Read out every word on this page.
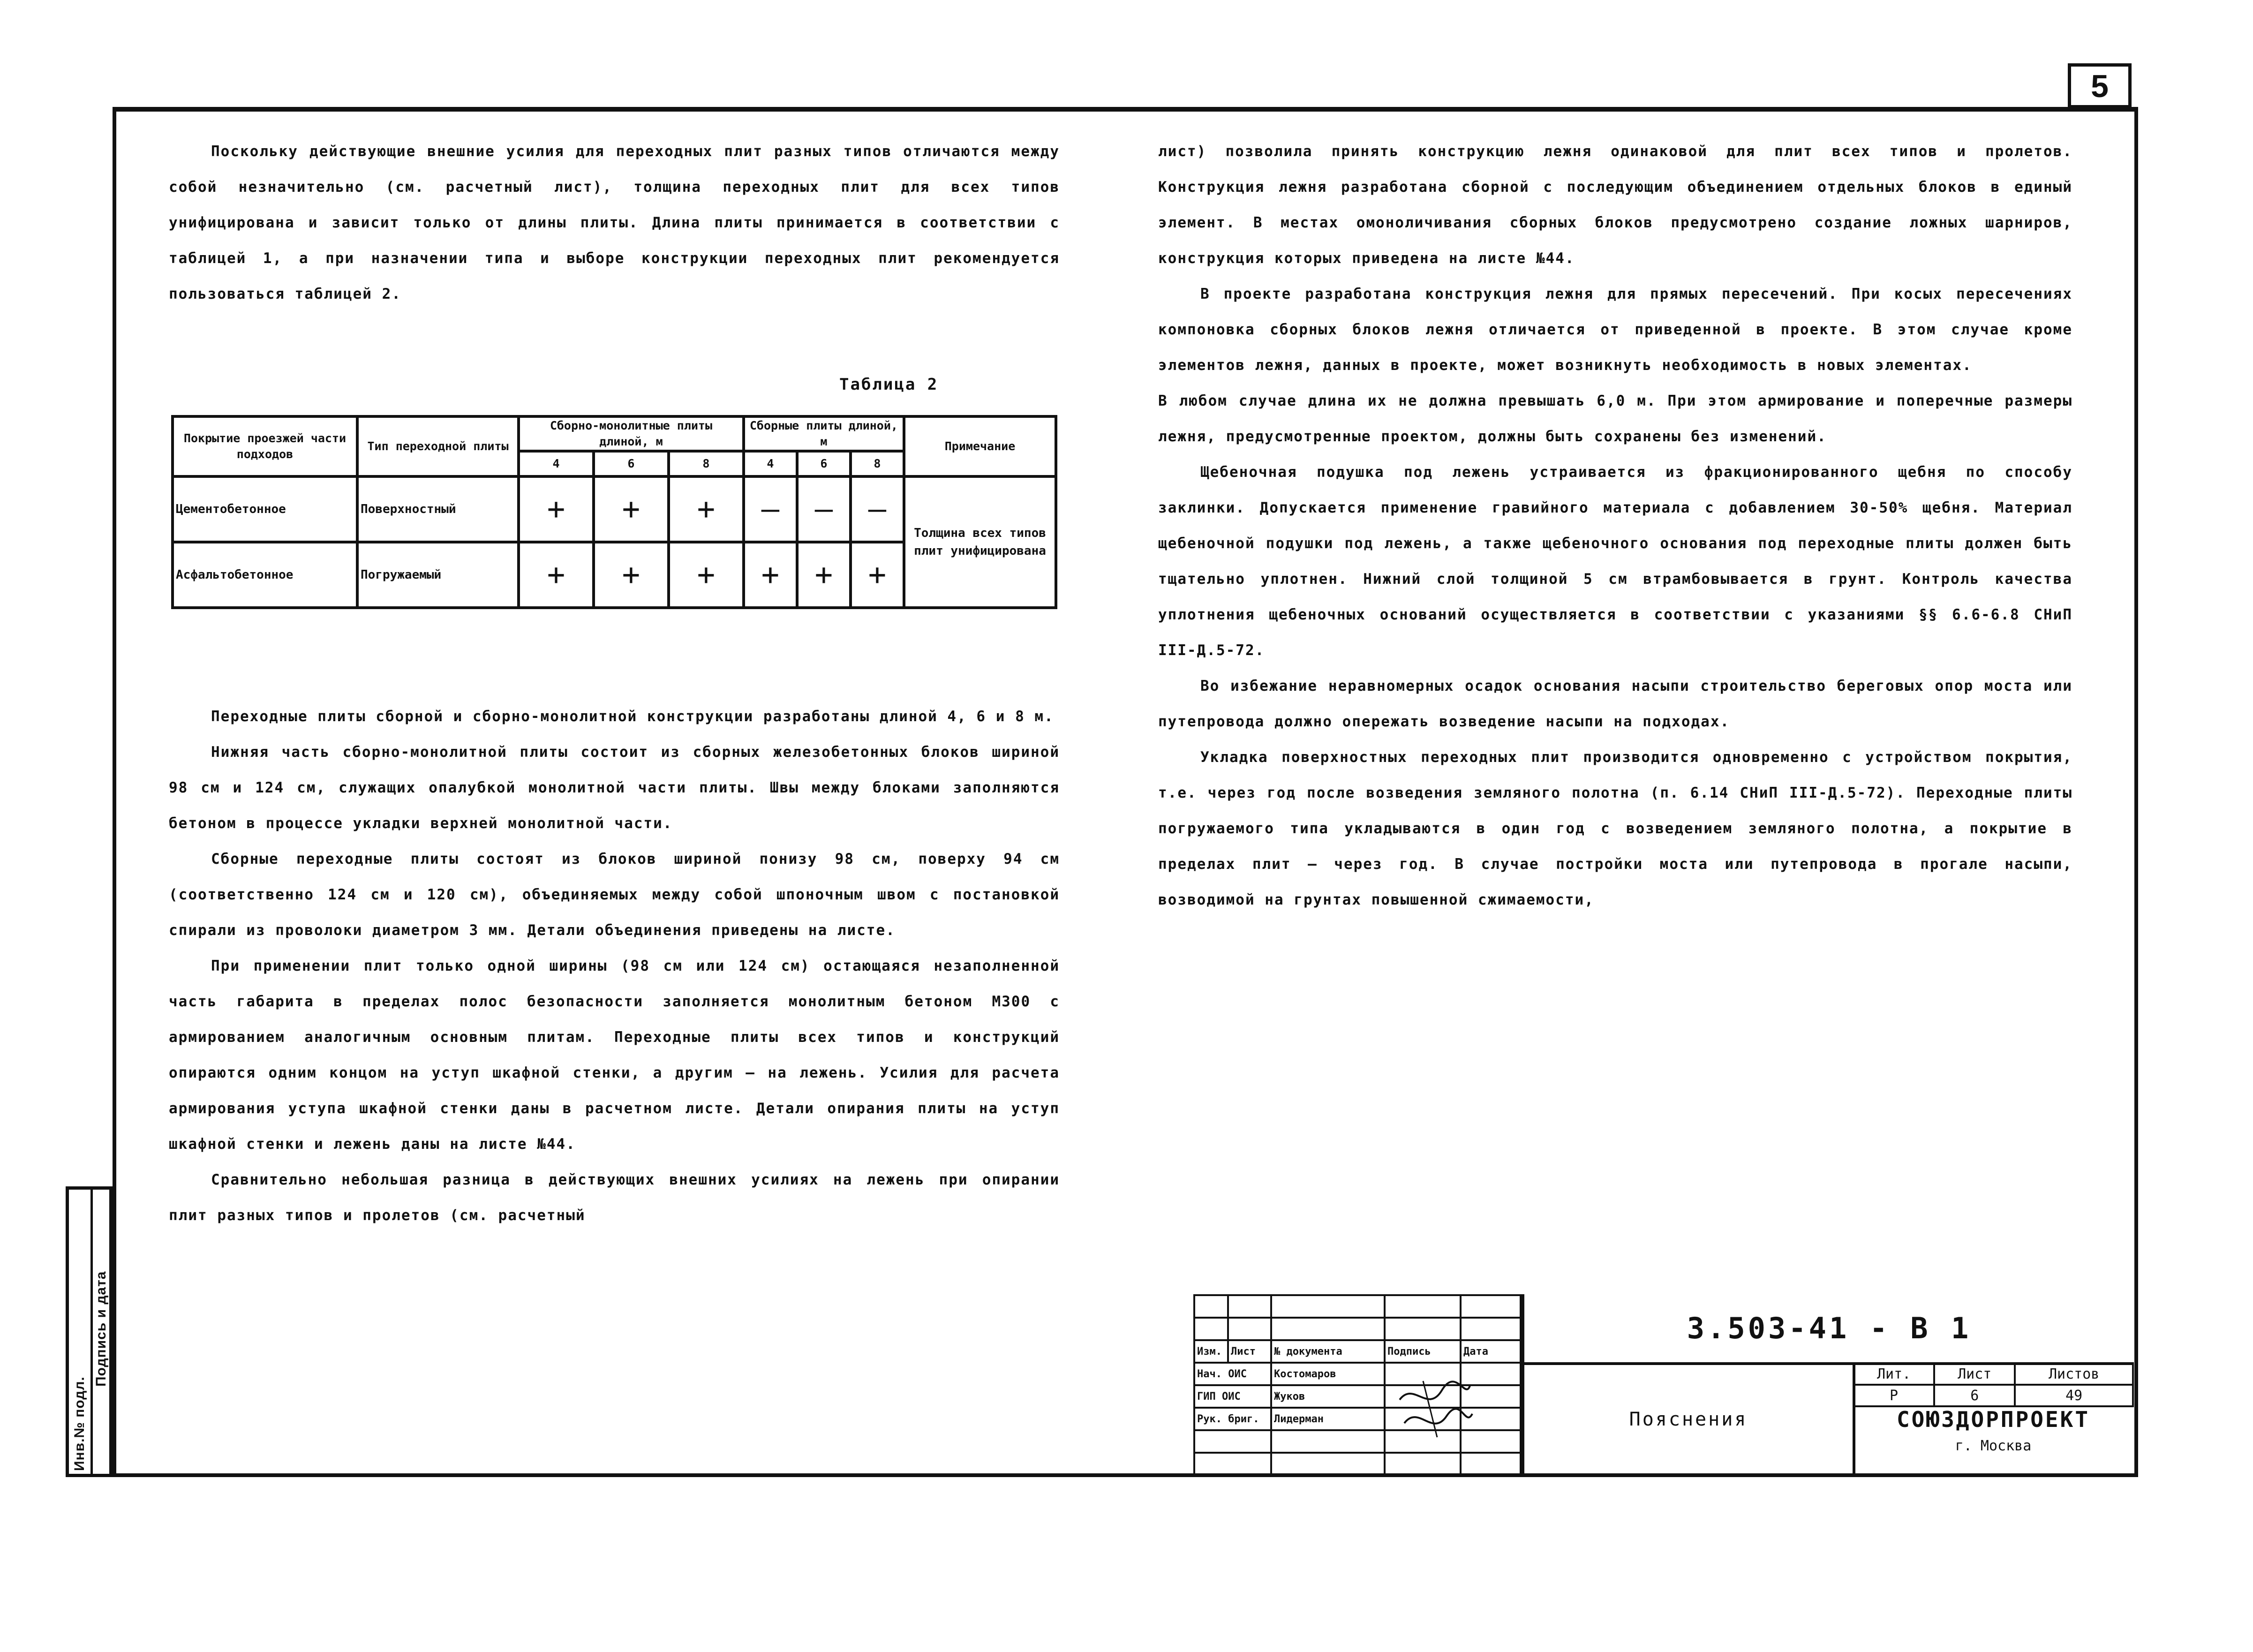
5
Инв.№ подл.
Подпись и дата

Поскольку действующие внешние усилия для переходных плит разных типов отличаются между собой незначительно (см. расчетный лист), толщина переходных плит для всех типов унифицирована и зависит только от длины плиты. Длина плиты принимается в соответствии с таблицей 1, а при назначении типа и выборе конструкции переходных плит рекомендуется пользоваться таблицей 2.

Таблица 2
Покрытие проезжей части подходов	Тип переходной плиты	Сборно-монолитные плиты длиной, м			Сборные плиты длиной, м			Примечание
		4	6	8	4	6	8	
Цементобетонное	Поверхностный	+	+	+	—	—	—	Толщина всех типов плит унифицирована
Асфальтобетонное	Погружаемый	+	+	+	+	+	+	

Переходные плиты сборной и сборно-монолитной конструкции разработаны длиной 4, 6 и 8 м.

Нижняя часть сборно-монолитной плиты состоит из сборных железобетонных блоков шириной 98 см и 124 см, служащих опалубкой монолитной части плиты. Швы между блоками заполняются бетоном в процессе укладки верхней монолитной части.

Сборные переходные плиты состоят из блоков шириной понизу 98 см, поверху 94 см (соответственно 124 см и 120 см), объединяемых между собой шпоночным швом с постановкой спирали из проволоки диаметром 3 мм. Детали объединения приведены на листе.

При применении плит только одной ширины (98 см или 124 см) остающаяся незаполненной часть габарита в пределах полос безопасности заполняется монолитным бетоном М300 с армированием аналогичным основным плитам. Переходные плиты всех типов и конструкций опираются одним концом на уступ шкафной стенки, а другим — на лежень. Усилия для расчета армирования уступа шкафной стенки даны в расчетном листе. Детали опирания плиты на уступ шкафной стенки и лежень даны на листе №44.

Сравнительно небольшая разница в действующих внешних усилиях на лежень при опирании плит разных типов и пролетов (см. расчетный

лист) позволила принять конструкцию лежня одинаковой для плит всех типов и пролетов. Конструкция лежня разработана сборной с последующим объединением отдельных блоков в единый элемент. В местах омоноличивания сборных блоков предусмотрено создание ложных шарниров, конструкция которых приведена на листе №44.

В проекте разработана конструкция лежня для прямых пересечений. При косых пересечениях компоновка сборных блоков лежня отличается от приведенной в проекте. В этом случае кроме элементов лежня, данных в проекте, может возникнуть необходимость в новых элементах.

В любом случае длина их не должна превышать 6,0 м. При этом армирование и поперечные размеры лежня, предусмотренные проектом, должны быть сохранены без изменений.

Щебеночная подушка под лежень устраивается из фракционированного щебня по способу заклинки. Допускается применение гравийного материала с добавлением 30-50% щебня. Материал щебеночной подушки под лежень, а также щебеночного основания под переходные плиты должен быть тщательно уплотнен. Нижний слой толщиной 5 см втрамбовывается в грунт. Контроль качества уплотнения щебеночных оснований осуществляется в соответствии с указаниями §§ 6.6-6.8 СНиП III-Д.5-72.

Во избежание неравномерных осадок основания насыпи строительство береговых опор моста или путепровода должно опережать возведение насыпи на подходах.

Укладка поверхностных переходных плит производится одновременно с устройством покрытия, т.е. через год после возведения земляного полотна (п. 6.14 СНиП III-Д.5-72). Переходные плиты погружаемого типа укладываются в один год с возведением земляного полотна, а покрытие в пределах плит — через год. В случае постройки моста или путепровода в прогале насыпи, возводимой на грунтах повышенной сжимаемости,

Изм.	Лист	№ документа	Подпись	Дата
Нач. ОИС		Костомаров		
ГИП ОИС		Жуков		
Рук. бриг.		Лидерман		

3.503-41 - В 1
Пояснения
Лит.	Лист	Листов
Р	6	49
СОЮЗДОРПРОЕКТ
г. Москва
